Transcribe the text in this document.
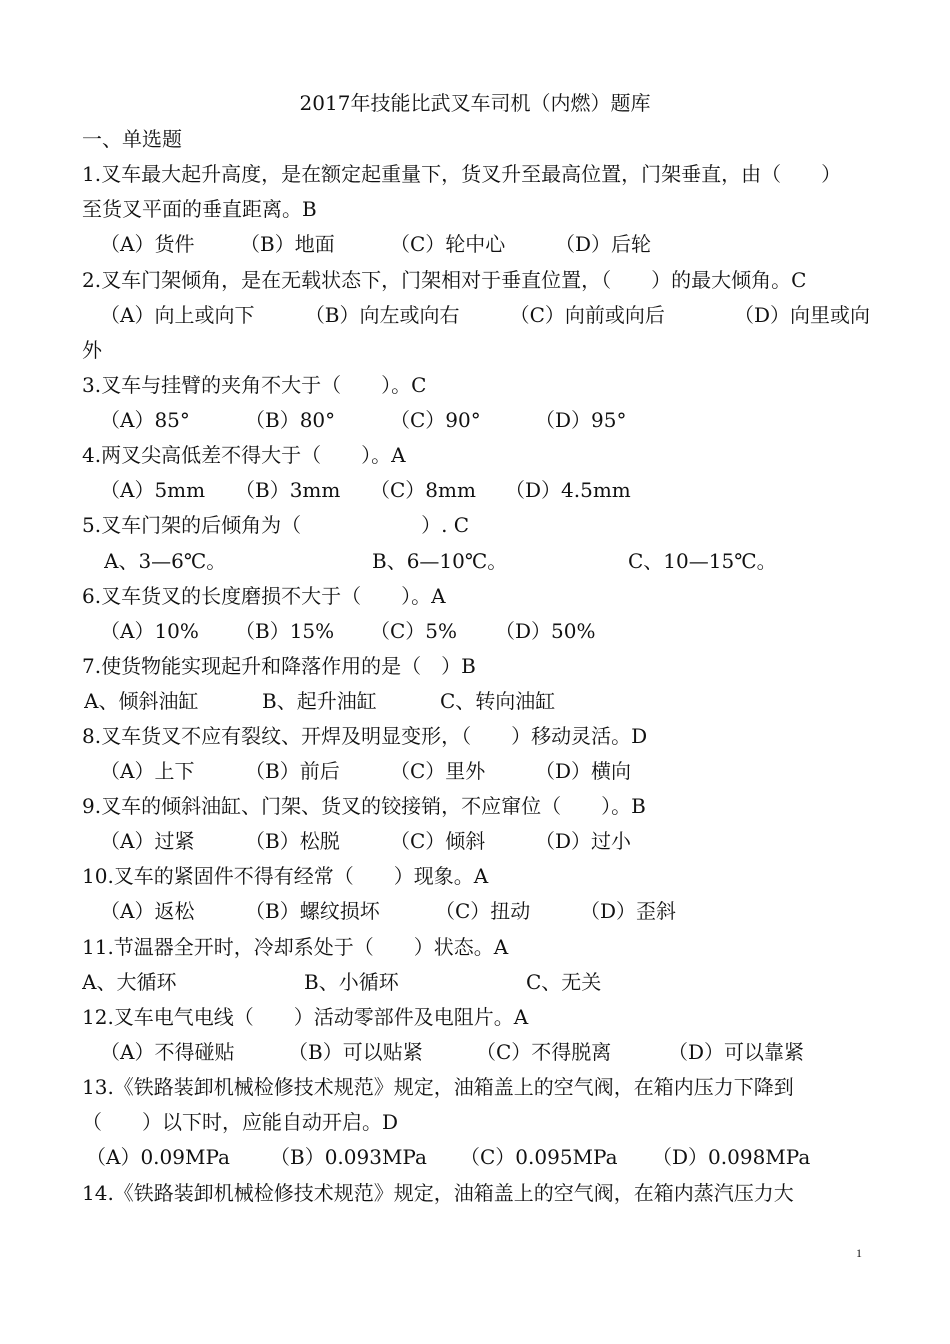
2017年技能比武叉车司机（内燃）题库
一、单选题
1.叉车最大起升高度，是在额定起重量下，货叉升至最高位置，门架垂直，由（　　）
至货叉平面的垂直距离。B
（A）货件	（B）地面	（C）轮中心	（D）后轮
2.叉车门架倾角，是在无载状态下，门架相对于垂直位置，（　　）的最大倾角。C
（A）向上或向下	（B）向左或向右	（C）向前或向后	（D）向里或向
外
3.叉车与挂臂的夹角不大于（　　）。C
（A）85°	（B）80°	（C）90°	（D）95°
4.两叉尖高低差不得大于（　　）。A
（A）5mm	（B）3mm	（C）8mm	（D）4.5mm
5.叉车门架的后倾角为（　　　　　　）. C
A、3—6℃。	B、6—10℃。	C、10—15℃。
6.叉车货叉的长度磨损不大于（　　）。A
（A）10%	（B）15%	（C）5%	（D）50%
7.使货物能实现起升和降落作用的是（　）B
A、倾斜油缸	B、起升油缸	C、转向油缸
8.叉车货叉不应有裂纹、开焊及明显变形，（　　）移动灵活。D
（A）上下	（B）前后	（C）里外	（D）横向
9.叉车的倾斜油缸、门架、货叉的铰接销，不应窜位（　　）。B
（A）过紧	（B）松脱	（C）倾斜	（D）过小
10.叉车的紧固件不得有经常（　　）现象。A
（A）返松	（B）螺纹损坏	（C）扭动	（D）歪斜
11.节温器全开时，冷却系处于（　　）状态。A
A、大循环	B、小循环	C、无关
12.叉车电气电线（　　）活动零部件及电阻片。A
（A）不得碰贴	（B）可以贴紧	（C）不得脱离	（D）可以靠紧
13.《铁路装卸机械检修技术规范》规定，油箱盖上的空气阀，在箱内压力下降到
（　　）以下时，应能自动开启。D
（A）0.09MPa	（B）0.093MPa	（C）0.095MPa	（D）0.098MPa
14.《铁路装卸机械检修技术规范》规定，油箱盖上的空气阀，在箱内蒸汽压力大
1
